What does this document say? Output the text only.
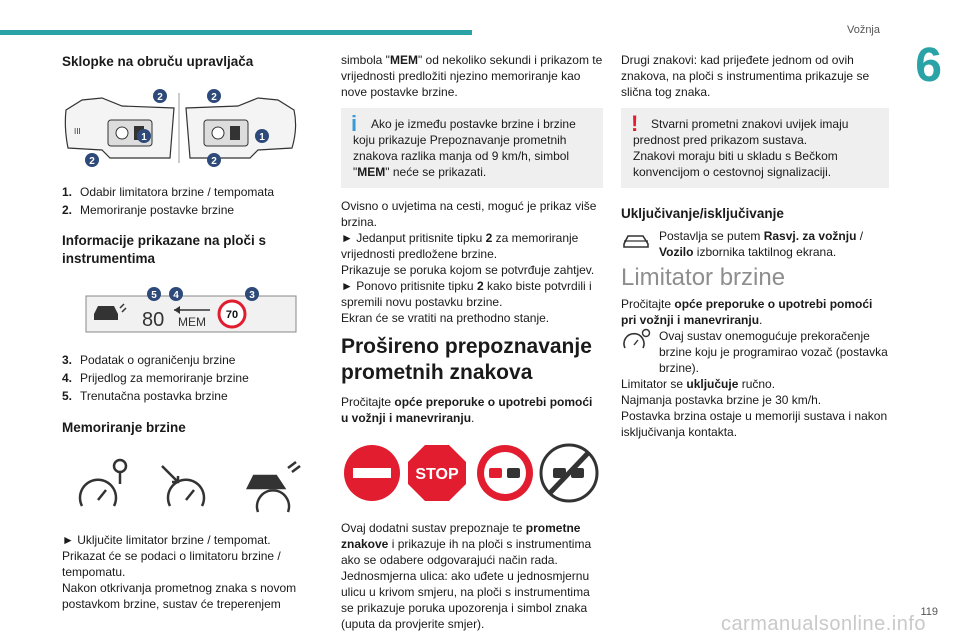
Vožnja
6
Sklopke na obruču upravljača
III
2
1
2
1
2
2
1. Odabir limitatora brzine / tempomata
2. Memoriranje postavke brzine
Informacije prikazane na ploči s instrumentima
80 MEM 70
5 4	3
3. Podatak o ograničenju brzine
4. Prijedlog za memoriranje brzine
5. Trenutačna postavka brzine
Memoriranje brzine
► Uključite limitator brzine / tempomat.
Prikazat će se podaci o limitatoru brzine / tempomatu.
Nakon otkrivanja prometnog znaka s novom postavkom brzine, sustav će treperenjem
simbola "MEM" od nekoliko sekundi i prikazom te vrijednosti predložiti njezino memoriranje kao nove postavke brzine.
i	Ako je između postavke brzine i brzine koju prikazuje Prepoznavanje prometnih znakova razlika manja od 9 km/h, simbol "MEM" neće se prikazati.
Ovisno o uvjetima na cesti, moguć je prikaz više brzina.
► Jedanput pritisnite tipku 2 za memoriranje vrijednosti predložene brzine.
Prikazuje se poruka kojom se potvrđuje zahtjev.
► Ponovo pritisnite tipku 2 kako biste potvrdili i spremili novu postavku brzine.
Ekran će se vratiti na prethodno stanje.
Prošireno prepoznavanje prometnih znakova
Pročitajte opće preporuke o upotrebi pomoći u vožnji i manevriranju.
STOP
Ovaj dodatni sustav prepoznaje te prometne znakove i prikazuje ih na ploči s instrumentima ako se odabere odgovarajući način rada.
Jednosmjerna ulica: ako uđete u jednosmjernu ulicu u krivom smjeru, na ploči s instrumentima se prikazuje poruka upozorenja i simbol znaka (uputa da provjerite smjer).
Drugi znakovi: kad prijeđete jednom od ovih znakova, na ploči s instrumentima prikazuje se slična tog znaka.
!	Stvarni prometni znakovi uvijek imaju prednost pred prikazom sustava.
Znakovi moraju biti u skladu s Bečkom konvencijom o cestovnoj signalizaciji.
Uključivanje/isključivanje
Postavlja se putem Rasvj. za vožnju / Vozilo izbornika taktilnog ekrana.
Limitator brzine
Pročitajte opće preporuke o upotrebi pomoći pri vožnji i manevriranju.
Ovaj sustav onemogućuje prekoračenje brzine koju je programirao vozač (postavka brzine).
Limitator se uključuje ručno.
Najmanja postavka brzine je 30 km/h.
Postavka brzina ostaje u memoriji sustava i nakon isključivanja kontakta.
119
carmanualsonline.info
